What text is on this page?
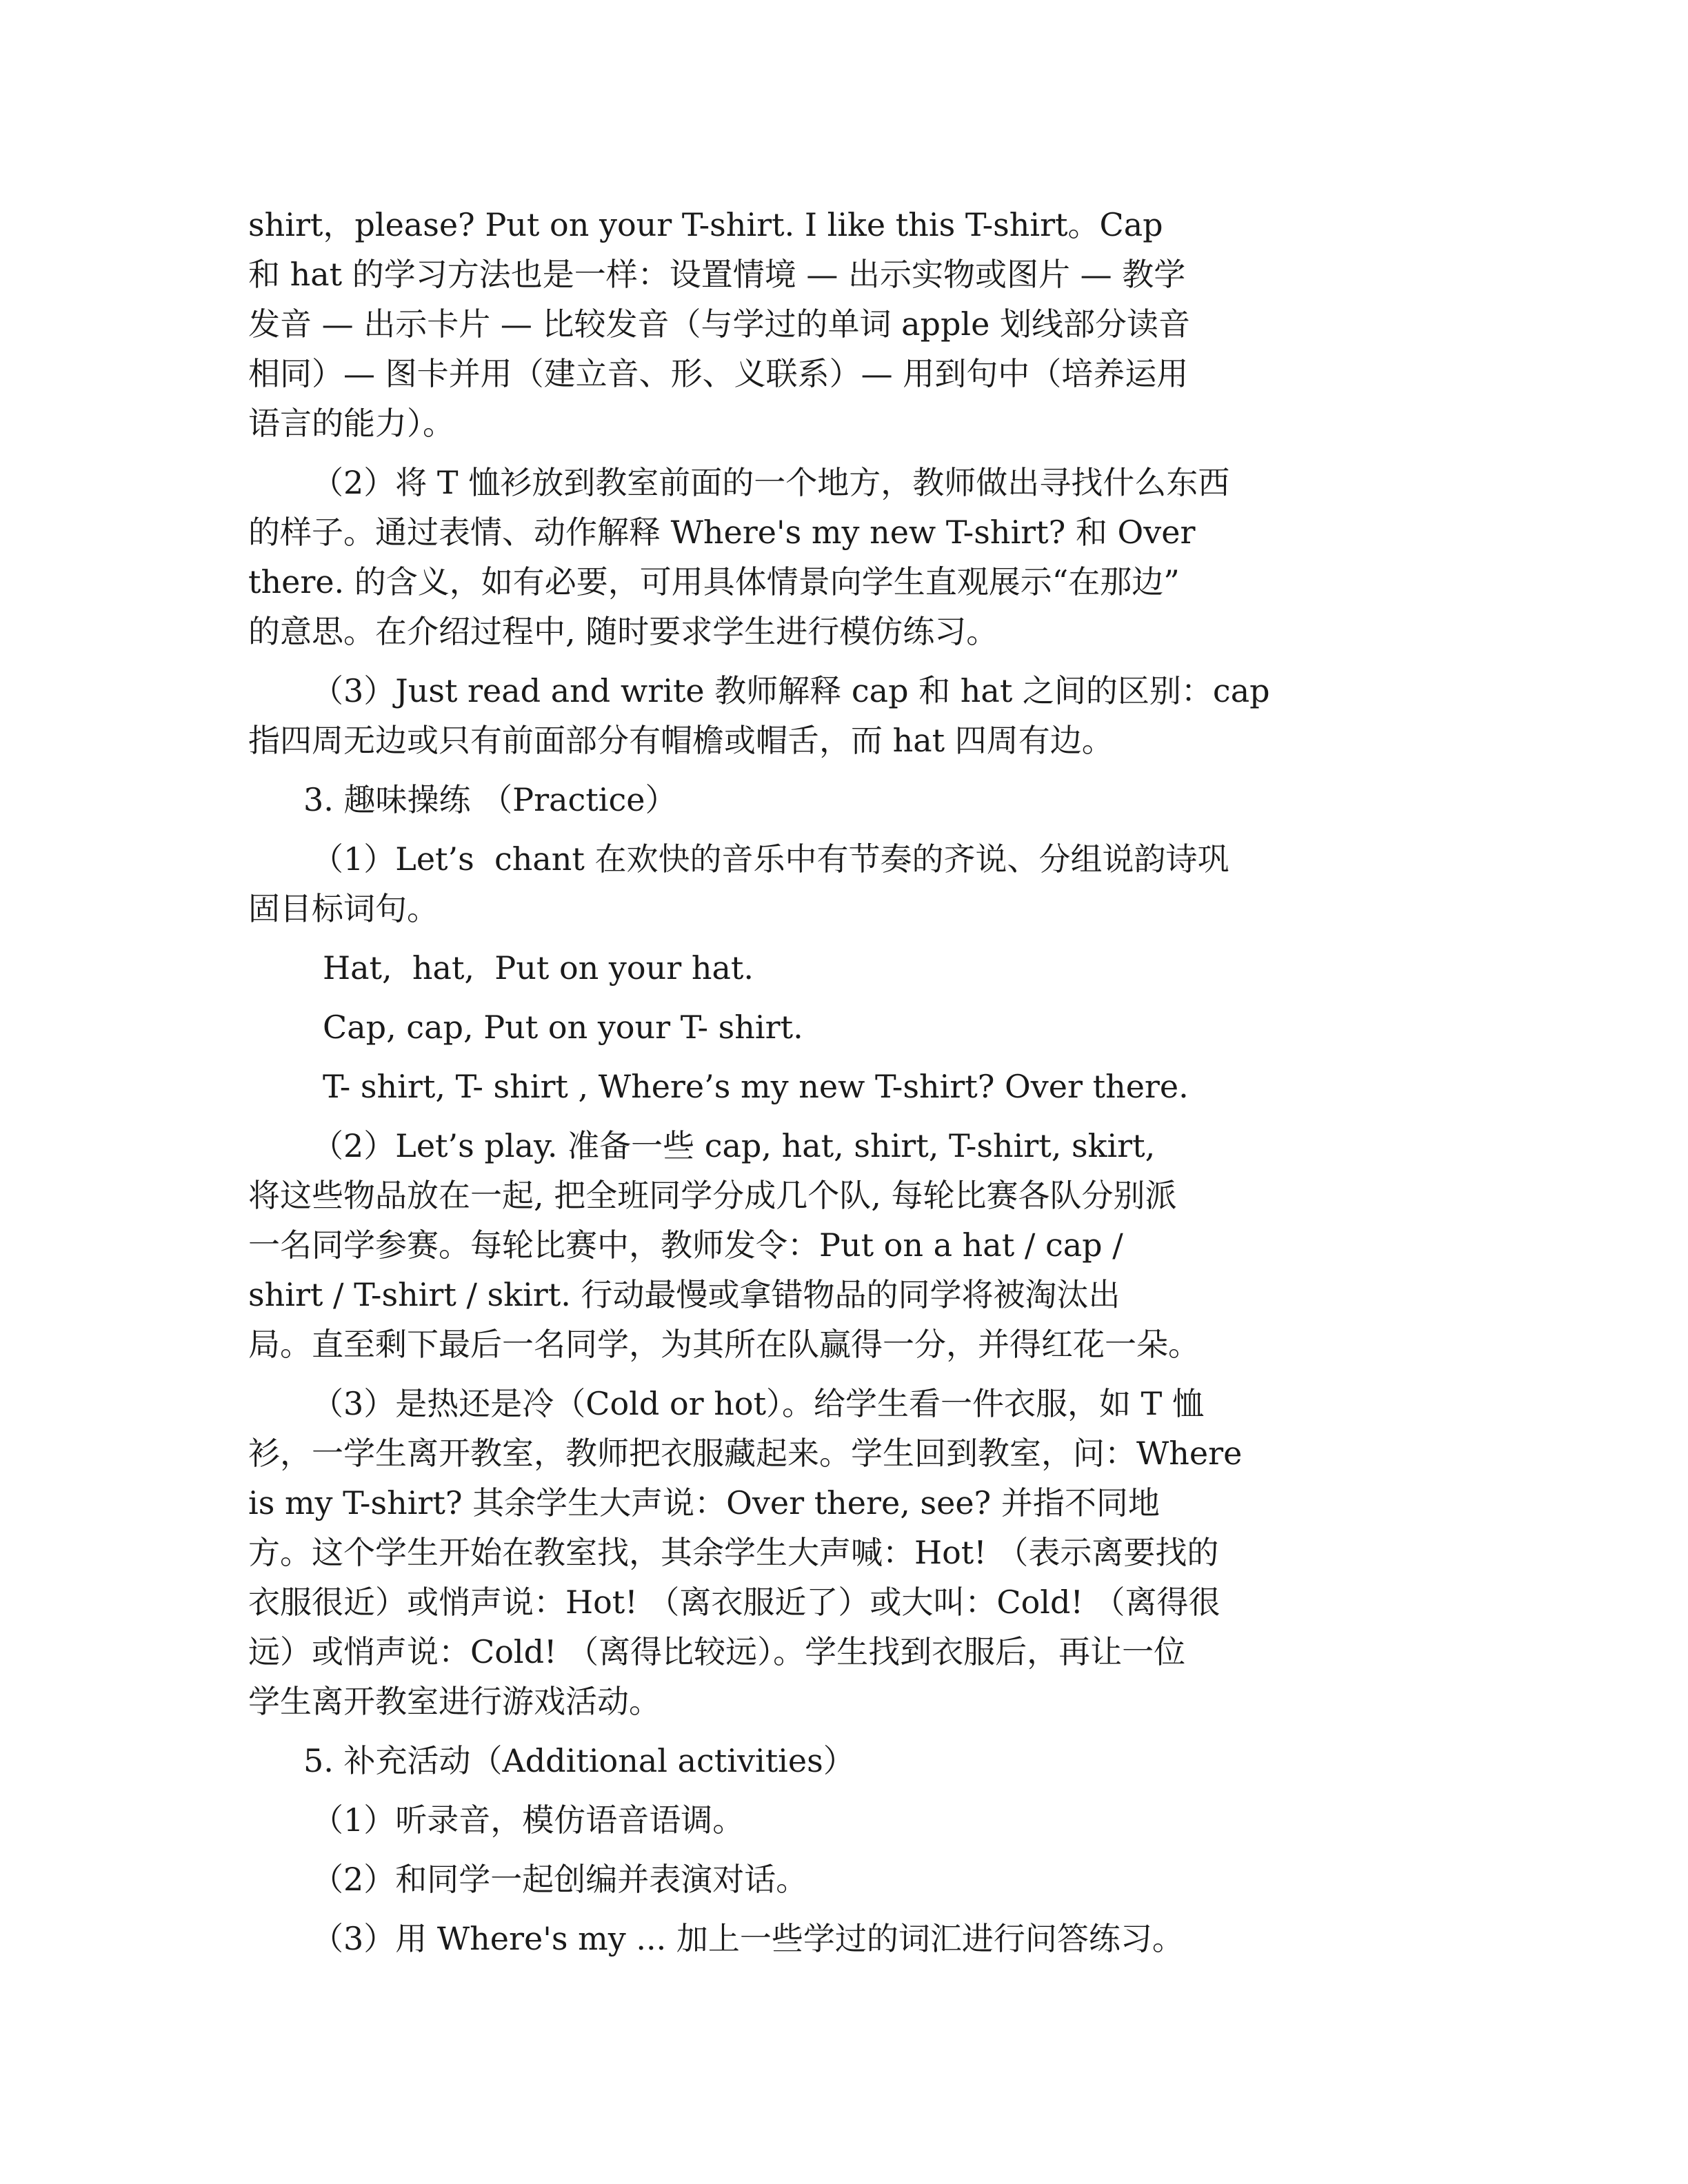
shirt，please? Put on your T-shirt. I like this T-shirt。Cap
和 hat 的学习方法也是一样：设置情境 — 出示实物或图片 — 教学
发音 — 出示卡片 — 比较发音（与学过的单词 apple 划线部分读音
相同）— 图卡并用（建立音、形、义联系）— 用到句中（培养运用
语言的能力）。
（2）将 T 恤衫放到教室前面的一个地方，教师做出寻找什么东西
的样子。通过表情、动作解释 Where's my new T-shirt? 和 Over
there. 的含义，如有必要，可用具体情景向学生直观展示“在那边”
的意思。在介绍过程中, 随时要求学生进行模仿练习。
（3）Just read and write 教师解释 cap 和 hat 之间的区别：cap
指四周无边或只有前面部分有帽檐或帽舌，而 hat 四周有边。
3. 趣味操练 （Practice）
（1）Let’s  chant 在欢快的音乐中有节奏的齐说、分组说韵诗巩
固目标词句。
Hat,  hat,  Put on your hat.
Cap, cap, Put on your T- shirt.
T- shirt, T- shirt , Where’s my new T-shirt? Over there.
（2）Let’s play. 准备一些 cap, hat, shirt, T-shirt, skirt,
将这些物品放在一起, 把全班同学分成几个队, 每轮比赛各队分别派
一名同学参赛。每轮比赛中，教师发令：Put on a hat / cap /
shirt / T-shirt / skirt. 行动最慢或拿错物品的同学将被淘汰出
局。直至剩下最后一名同学，为其所在队赢得一分，并得红花一朵。
（3）是热还是冷（Cold or hot）。给学生看一件衣服，如 T 恤
衫，一学生离开教室，教师把衣服藏起来。学生回到教室，问：Where
is my T-shirt? 其余学生大声说：Over there, see? 并指不同地
方。这个学生开始在教室找，其余学生大声喊：Hot! （表示离要找的
衣服很近）或悄声说：Hot! （离衣服近了）或大叫：Cold! （离得很
远）或悄声说：Cold! （离得比较远）。学生找到衣服后，再让一位
学生离开教室进行游戏活动。
5. 补充活动（Additional activities）
（1）听录音，模仿语音语调。
（2）和同学一起创编并表演对话。
（3）用 Where's my ... 加上一些学过的词汇进行问答练习。
